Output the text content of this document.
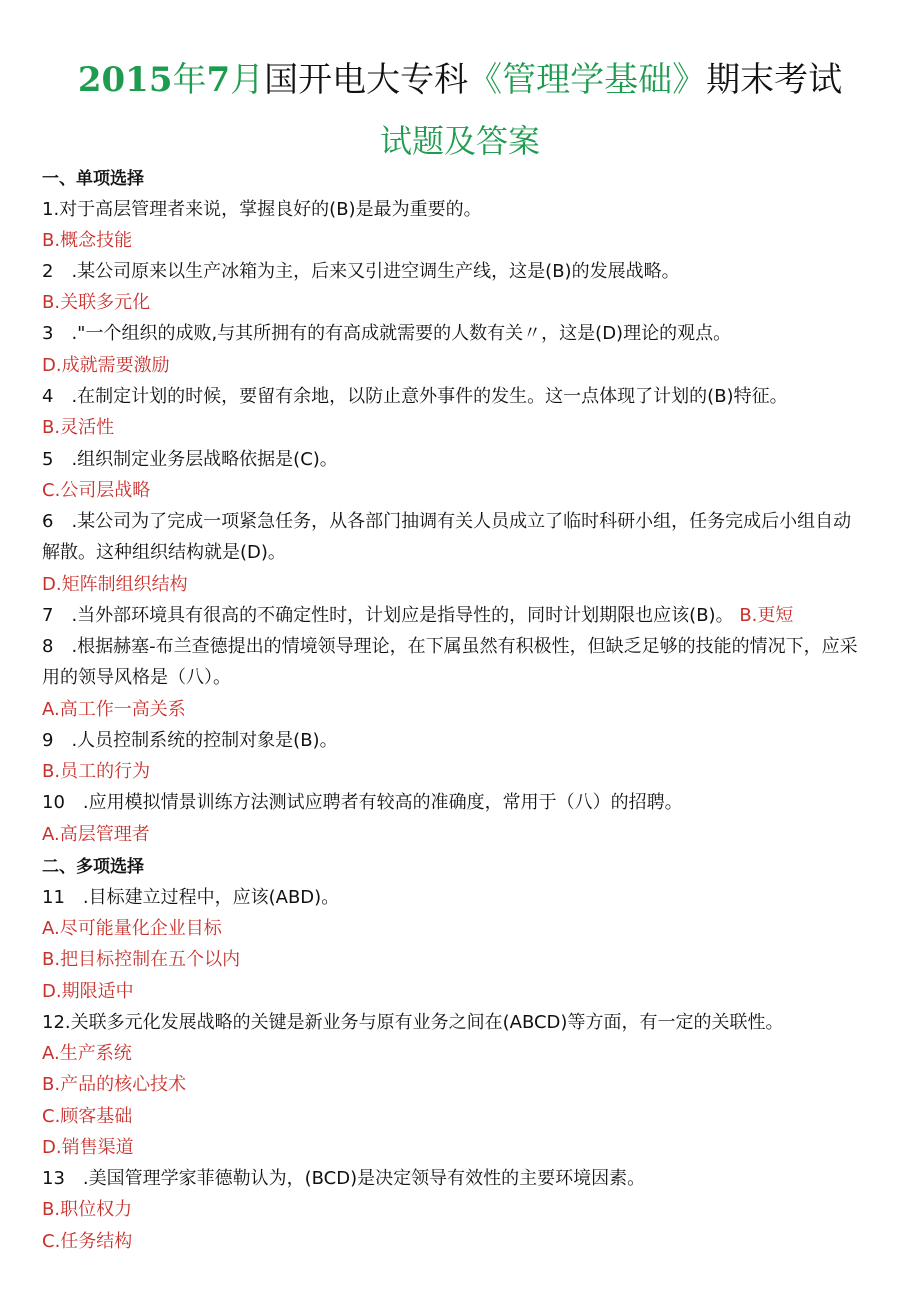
2015年7月国开电大专科《管理学基础》期末考试
试题及答案
一、单项选择
1.对于高层管理者来说，掌握良好的(B)是最为重要的。
B.概念技能
2　.某公司原来以生产冰箱为主，后来又引进空调生产线，这是(B)的发展战略。
B.关联多元化
3　."一个组织的成败,与其所拥有的有高成就需要的人数有关〃，这是(D)理论的观点。
D.成就需要激励
4　.在制定计划的时候，要留有余地，以防止意外事件的发生。这一点体现了计划的(B)特征。
B.灵活性
5　.组织制定业务层战略依据是(C)。
C.公司层战略
6　.某公司为了完成一项紧急任务，从各部门抽调有关人员成立了临时科研小组，任务完成后小组自动
解散。这种组织结构就是(D)。
D.矩阵制组织结构
7　.当外部环境具有很高的不确定性时，计划应是指导性的，同时计划期限也应该(B)。 B.更短
8　.根据赫塞-布兰查德提出的情境领导理论，在下属虽然有积极性，但缺乏足够的技能的情况下，应采
用的领导风格是（八）。
A.高工作一高关系
9　.人员控制系统的控制对象是(B)。
B.员工的行为
10　.应用模拟情景训练方法测试应聘者有较高的准确度，常用于（八）的招聘。
A.高层管理者
二、多项选择
11　.目标建立过程中，应该(ABD)。
A.尽可能量化企业目标
B.把目标控制在五个以内
D.期限适中
12.关联多元化发展战略的关键是新业务与原有业务之间在(ABCD)等方面，有一定的关联性。
A.生产系统
B.产品的核心技术
C.顾客基础
D.销售渠道
13　.美国管理学家菲德勒认为，(BCD)是决定领导有效性的主要环境因素。
B.职位权力
C.任务结构
